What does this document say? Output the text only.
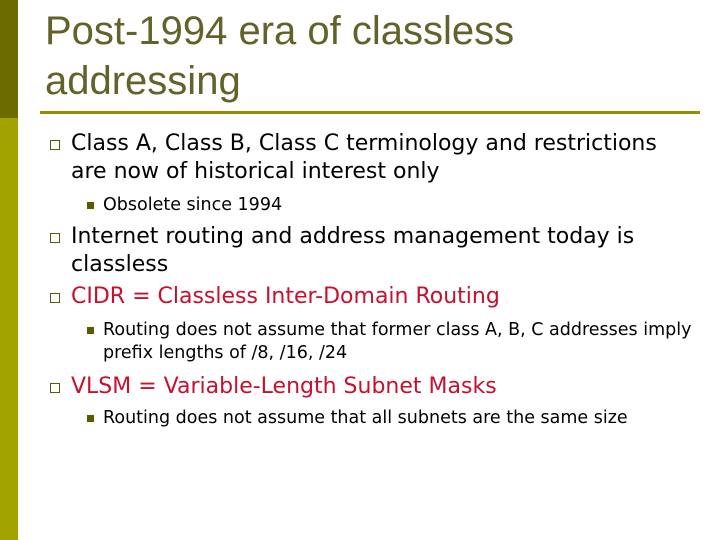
Post-1994 era of classless addressing

Class A, Class B, Class C terminology and restrictions are now of historical interest only

Obsolete since 1994

Internet routing and address management today is classless

CIDR = Classless Inter-Domain Routing

Routing does not assume that former class A, B, C addresses imply prefix lengths of /8, /16, /24

VLSM = Variable-Length Subnet Masks

Routing does not assume that all subnets are the same size
